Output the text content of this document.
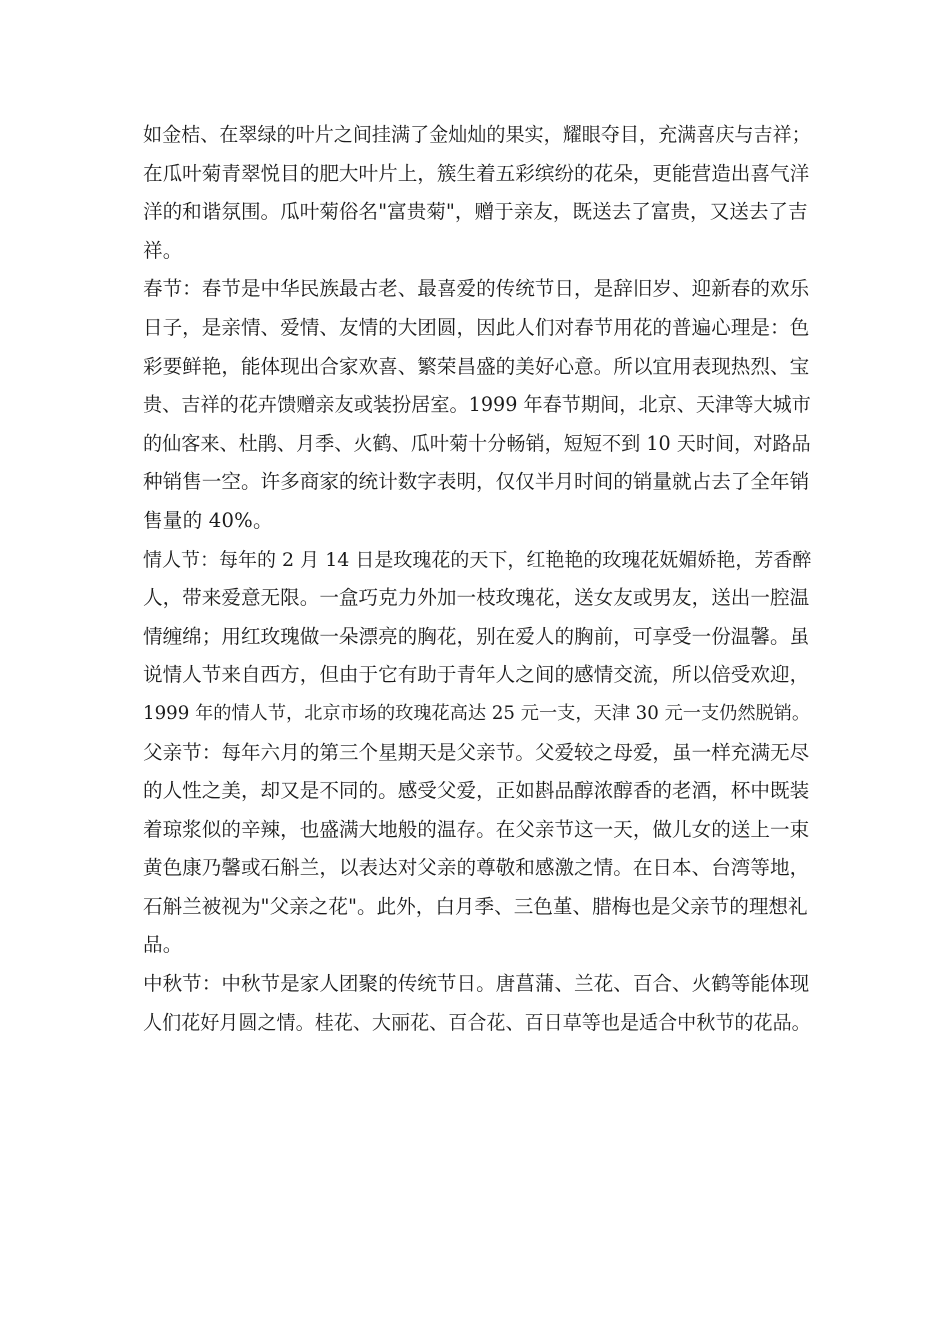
如金桔、在翠绿的叶片之间挂满了金灿灿的果实，耀眼夺目，充满喜庆与吉祥；
在瓜叶菊青翠悦目的肥大叶片上，簇生着五彩缤纷的花朵，更能营造出喜气洋
洋的和谐氛围。瓜叶菊俗名"富贵菊"，赠于亲友，既送去了富贵，又送去了吉
祥。

春节：春节是中华民族最古老、最喜爱的传统节日，是辞旧岁、迎新春的欢乐
日子，是亲情、爱情、友情的大团圆，因此人们对春节用花的普遍心理是：色
彩要鲜艳，能体现出合家欢喜、繁荣昌盛的美好心意。所以宜用表现热烈、宝
贵、吉祥的花卉馈赠亲友或装扮居室。1999 年春节期间，北京、天津等大城市
的仙客来、杜鹃、月季、火鹤、瓜叶菊十分畅销，短短不到 10 天时间，对路品
种销售一空。许多商家的统计数字表明，仅仅半月时间的销量就占去了全年销
售量的 40%。

情人节：每年的 2 月 14 日是玫瑰花的天下，红艳艳的玫瑰花妩媚娇艳，芳香醉
人，带来爱意无限。一盒巧克力外加一枝玫瑰花，送女友或男友，送出一腔温
情缠绵；用红玫瑰做一朵漂亮的胸花，别在爱人的胸前，可享受一份温馨。虽
说情人节来自西方，但由于它有助于青年人之间的感情交流，所以倍受欢迎，
1999 年的情人节，北京市场的玫瑰花高达 25 元一支，天津 30 元一支仍然脱销。

父亲节：每年六月的第三个星期天是父亲节。父爱较之母爱，虽一样充满无尽
的人性之美，却又是不同的。感受父爱，正如斟品醇浓醇香的老酒，杯中既装
着琼浆似的辛辣，也盛满大地般的温存。在父亲节这一天，做儿女的送上一束
黄色康乃馨或石斛兰，以表达对父亲的尊敬和感激之情。在日本、台湾等地，
石斛兰被视为"父亲之花"。此外，白月季、三色堇、腊梅也是父亲节的理想礼
品。

中秋节：中秋节是家人团聚的传统节日。唐菖蒲、兰花、百合、火鹤等能体现
人们花好月圆之情。桂花、大丽花、百合花、百日草等也是适合中秋节的花品。
